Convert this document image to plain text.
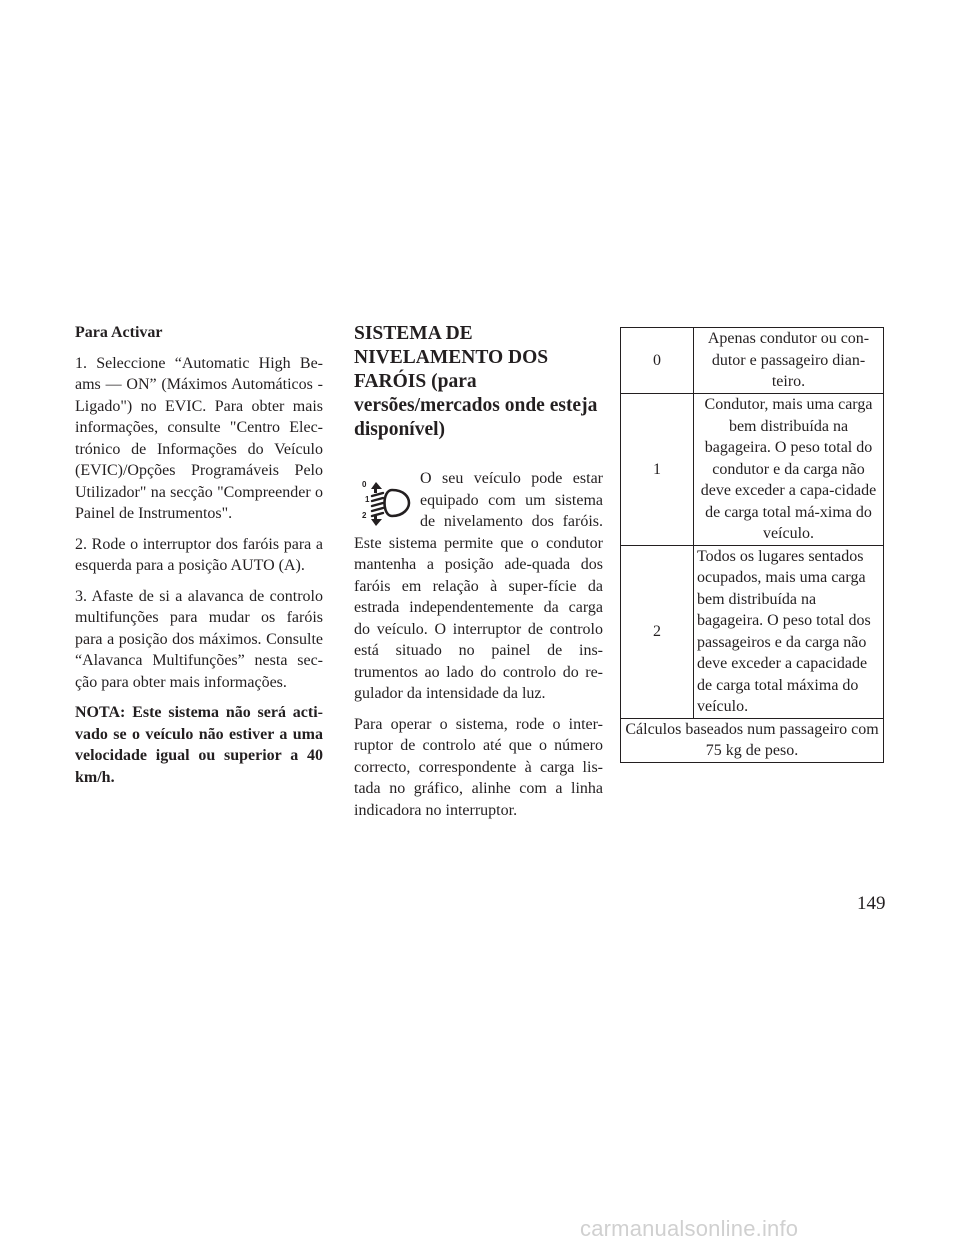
Para Activar

1. Seleccione “Automatic High Be-ams — ON” (Máximos Automáticos - Ligado") no EVIC. Para obter mais informações, consulte "Centro Elec-trónico de Informações do Veículo (EVIC)/Opções Programáveis Pelo Utilizador" na secção "Compreender o Painel de Instrumentos".

2. Rode o interruptor dos faróis para a esquerda para a posição AUTO (A).

3. Afaste de si a alavanca de controlo multifunções para mudar os faróis para a posição dos máximos. Consulte “Alavanca Multifunções” nesta sec-ção para obter mais informações.

NOTA: Este sistema não será acti-vado se o veículo não estiver a uma velocidade igual ou superior a 40 km/h.

SISTEMA DE NIVELAMENTO DOS FARÓIS (para versões/mercados onde esteja disponível)
0
1
2

O seu veículo pode estar equipado com um sistema de nivelamento dos faróis. Este sistema permite que o condutor mantenha a posição ade-quada dos faróis em relação à super-fície da estrada independentemente da carga do veículo. O interruptor de controlo está situado no painel de ins-trumentos ao lado do controlo do re-gulador da intensidade da luz.

Para operar o sistema, rode o inter-ruptor de controlo até que o número correcto, correspondente à carga lis-tada no gráfico, alinhe com a linha indicadora no interruptor.

0	Apenas condutor ou con-dutor e passageiro dian-teiro.
1	Condutor, mais uma carga bem distribuída na bagageira. O peso total do condutor e da carga não deve exceder a capa-cidade de carga total má-xima do veículo.
2	Todos os lugares sentados ocupados, mais uma carga bem distribuída na bagageira. O peso total dos passageiros e da carga não deve exceder a capacidade de carga total máxima do veículo.
Cálculos baseados num passageiro com 75 kg de peso.	
149
carmanualsonline.info
